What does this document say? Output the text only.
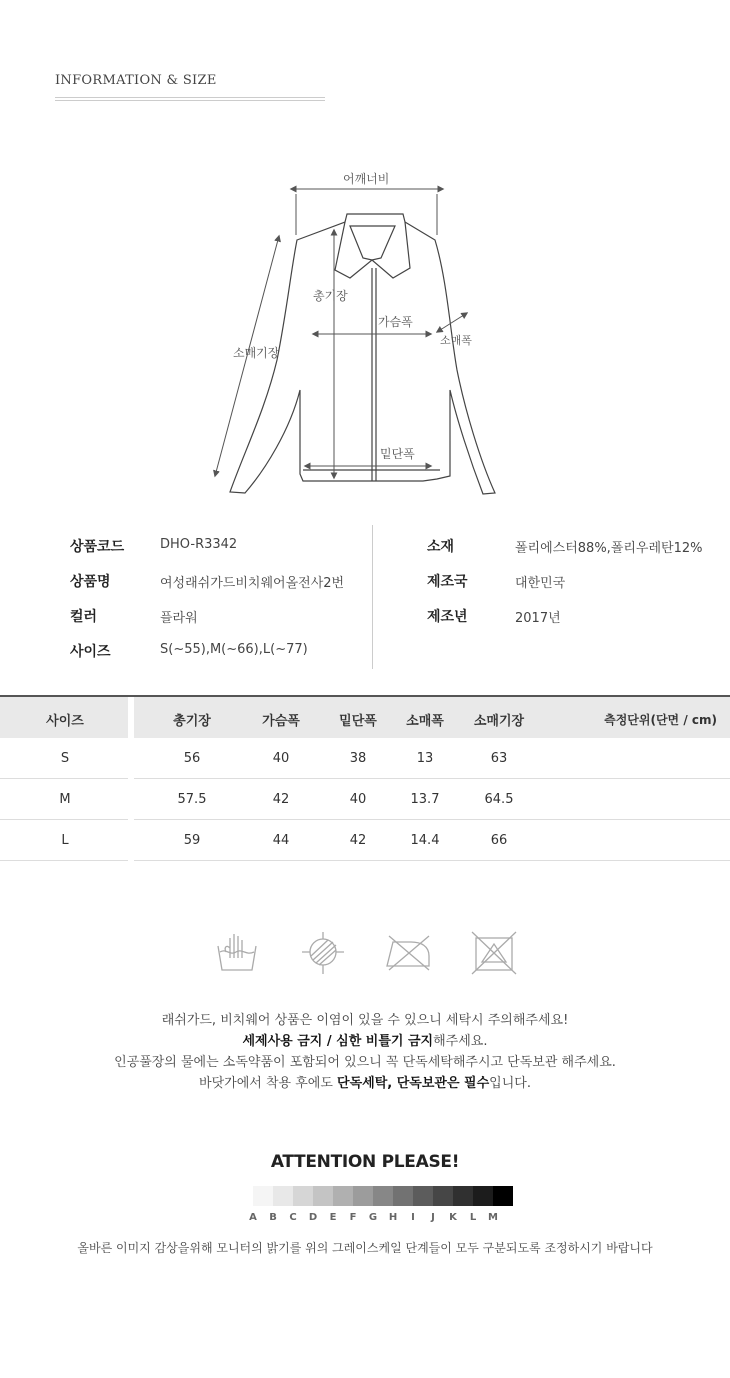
INFORMATION & SIZE
어깨너비
총기장
가슴폭
소매폭
소매기장
밑단폭
상품코드	DHO-R3342
상품명	여성래쉬가드비치웨어올전사2번
컬러	플라워
사이즈	S(~55),M(~66),L(~77)
소재	폴리에스터88%,폴리우레탄12%
제조국	대한민국
제조년	2017년
사이즈	총기장	가슴폭	밑단폭	소매폭	소매기장	측정단위(단면 / cm)
S	56	40	38	13	63
M	57.5	42	40	13.7	64.5
L	59	44	42	14.4	66
래쉬가드, 비치웨어 상품은 이염이 있을 수 있으니 세탁시 주의해주세요!
세제사용 금지 / 심한 비틀기 금지해주세요.
인공풀장의 물에는 소독약품이 포함되어 있으니 꼭 단독세탁해주시고 단독보관 해주세요.
바닷가에서 착용 후에도 단독세탁, 단독보관은 필수입니다.
ATTENTION PLEASE!
A	B	C	D	E	F	G	H	I	J	K	L	M
올바른 이미지 감상을위해 모니터의 밝기를 위의 그레이스케일 단계들이 모두 구분되도록 조정하시기 바랍니다
